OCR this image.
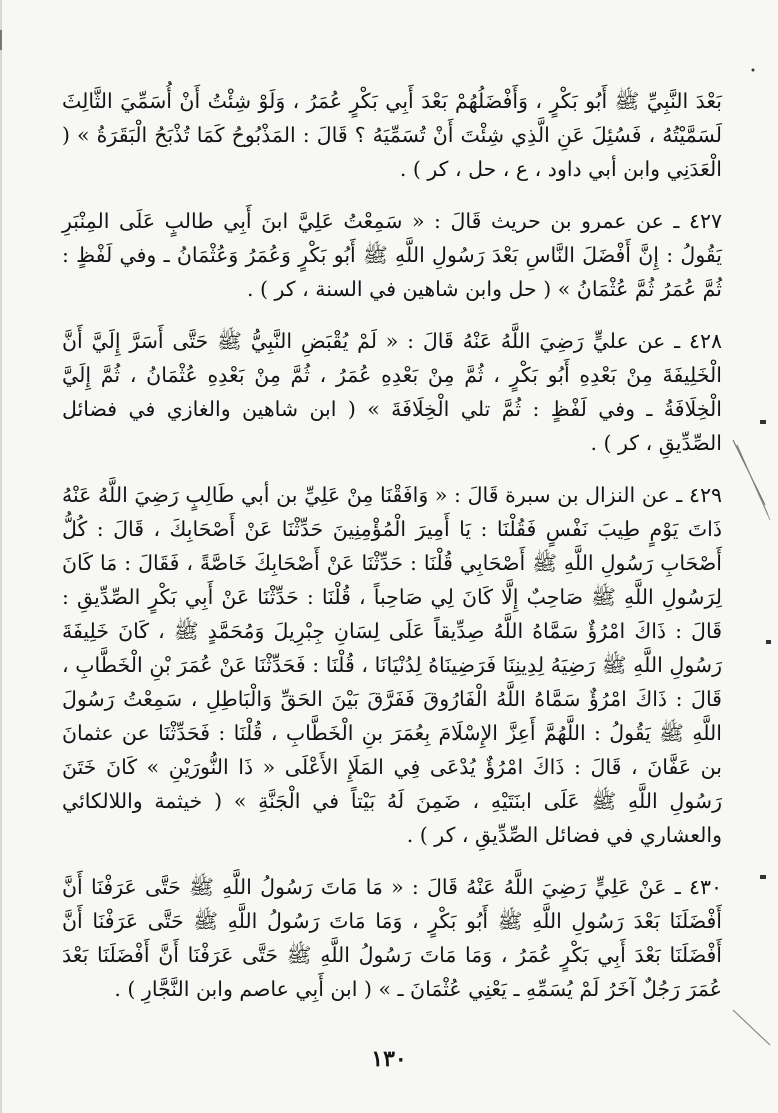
بَعْدَ النَّبِيِّ ﷺ أَبُو بَكْرٍ ، وَأَفْضَلُهُمْ بَعْدَ أَبِي بَكْرٍ عُمَرُ ، وَلَوْ شِئْتُ أَنْ أُسَمِّيَ الثَّالِثَ لَسَمَّيْتُهُ ، فَسُئِلَ عَنِ الَّذِي شِئْتَ أَنْ تُسَمِّيَهُ ؟ قَالَ : المَذْبُوحُ كَمَا تُذْبَحُ الْبَقَرَةُ » ( الْعَدَنِي وابن أبي داود ، ع ، حل ، كر ) .

٤٢٧ ـ عن عمرو بن حريث قَالَ : « سَمِعْتُ عَلِيَّ ابنَ أَبِي طالبٍ عَلَى المِنْبَرِ يَقُولُ : إِنَّ أَفْضَلَ النَّاسِ بَعْدَ رَسُولِ اللَّهِ ﷺ أَبُو بَكْرٍ وَعُمَرُ وَعُثْمَانُ ـ وفي لَفْظٍ : ثُمَّ عُمَرُ ثُمَّ عُثْمَانُ » ( حل وابن شاهين في السنة ، كر ) .

٤٢٨ ـ عن عليٍّ رَضِيَ اللَّهُ عَنْهُ قَالَ : « لَمْ يُقْبَضِ النَّبِيُّ ﷺ حَتَّى أَسَرَّ إِلَيَّ أَنَّ الْخَلِيفَةَ مِنْ بَعْدِهِ أَبُو بَكْرٍ ، ثُمَّ مِنْ بَعْدِهِ عُمَرُ ، ثُمَّ مِنْ بَعْدِهِ عُثْمَانُ ، ثُمَّ إِلَيَّ الْخِلَافَةُ ـ وفي لَفْظٍ : ثُمَّ تلي الْخِلَافَةَ » ( ابن شاهين والغازي في فضائل الصِّدِّيقِ ، كر ) .

٤٢٩ ـ عن النزال بن سبرة قَالَ : « وَافَقْنَا مِنْ عَلِيِّ بن أبي طَالِبٍ رَضِيَ اللَّهُ عَنْهُ ذَاتَ يَوْمٍ طِيبَ نَفْسٍ فَقُلْنَا : يَا أَمِيرَ الْمُؤْمِنِينَ حَدِّثْنَا عَنْ أَصْحَابِكَ ، قَالَ : كُلُّ أَصْحَابِ رَسُولِ اللَّهِ ﷺ أَصْحَابِي قُلْنَا : حَدِّثْنَا عَنْ أَصْحَابِكَ خَاصَّةً ، فَقَالَ : مَا كَانَ لِرَسُولِ اللَّهِ ﷺ صَاحِبٌ إِلَّا كَانَ لِي صَاحِباً ، قُلْنَا : حَدِّثْنَا عَنْ أَبِي بَكْرٍ الصِّدِّيقِ : قَالَ : ذَاكَ امْرُؤٌ سَمَّاهُ اللَّهُ صِدِّيقاً عَلَى لِسَانِ جِبْرِيلَ وَمُحَمَّدٍ ﷺ ، كَانَ خَلِيفَةَ رَسُولِ اللَّهِ ﷺ رَضِيَهُ لِدِينِنَا فَرَضِينَاهُ لِدُنْيَانَا ، قُلْنَا : فَحَدِّثْنَا عَنْ عُمَرَ بْنِ الْخَطَّابِ ، قَالَ : ذَاكَ امْرُؤٌ سَمَّاهُ اللَّهُ الْفَارُوقَ فَفَرَّقَ بَيْنَ الحَقِّ وَالْبَاطِلِ ، سَمِعْتُ رَسُولَ اللَّهِ ﷺ يَقُولُ : اللَّهُمَّ أَعِزَّ الإِسْلَامَ بِعُمَرَ بنِ الْخَطَّابِ ، قُلْنَا : فَحَدِّثْنَا عن عثمانَ بن عَفَّانَ ، قَالَ : ذَاكَ امْرُؤٌ يُدْعَى فِي المَلَإِ الأَعْلَى « ذَا النُّورَيْنِ » كَانَ خَتَنَ رَسُولِ اللَّهِ ﷺ عَلَى ابنَتَيْهِ ، ضَمِنَ لَهُ بَيْتاً في الْجَنَّةِ » ( خيثمة واللالكائي والعشاري في فضائل الصِّدِّيقِ ، كر ) .

٤٣٠ ـ عَنْ عَلِيٍّ رَضِيَ اللَّهُ عَنْهُ قَالَ : « مَا مَاتَ رَسُولُ اللَّهِ ﷺ حَتَّى عَرَفْنَا أَنَّ أَفْضَلَنَا بَعْدَ رَسُولِ اللَّهِ ﷺ أَبُو بَكْرٍ ، وَمَا مَاتَ رَسُولُ اللَّهِ ﷺ حَتَّى عَرَفْنَا أَنَّ أَفْضَلَنَا بَعْدَ أَبِي بَكْرٍ عُمَرُ ، وَمَا مَاتَ رَسُولُ اللَّهِ ﷺ حَتَّى عَرَفْنَا أَنَّ أَفْضَلَنَا بَعْدَ عُمَرَ رَجُلٌ آخَرُ لَمْ يُسَمِّهِ ـ يَعْنِي عُثْمَانَ ـ » ( ابن أَبِي عاصم وابن النَّجَّارِ ) .

١٣٠
